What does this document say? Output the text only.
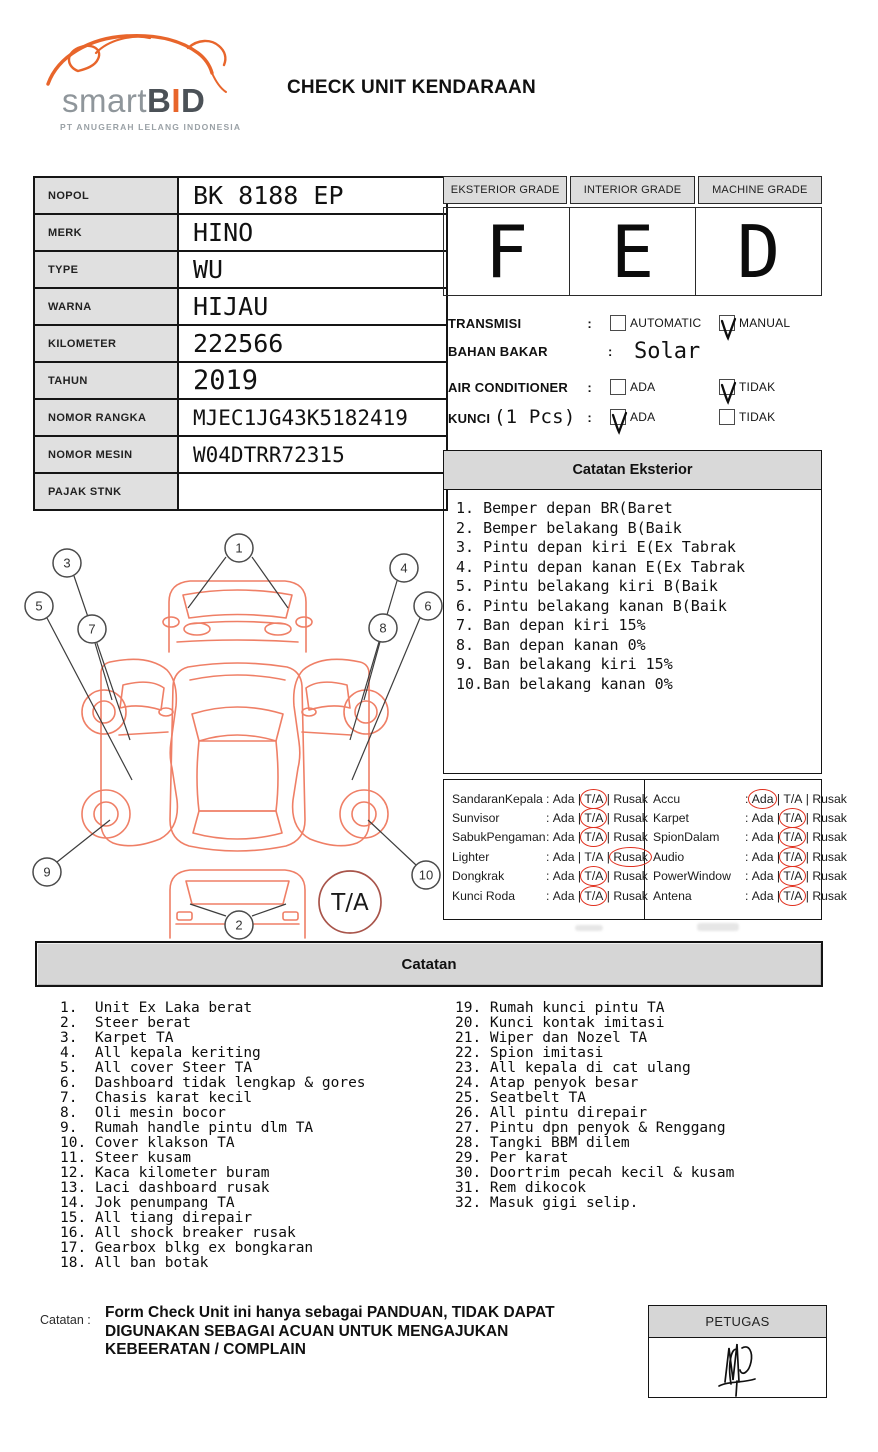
smartBID
PT ANUGERAH LELANG INDONESIA
CHECK UNIT KENDARAAN
NOPOL	BK 8188 EP
MERK	HINO
TYPE	WU
WARNA	HIJAU
KILOMETER	222566
TAHUN	2019
NOMOR RANGKA	MJEC1JG43K5182419
NOMOR MESIN	W04DTRR72315
PAJAK STNK	
EKSTERIOR GRADE	INTERIOR GRADE	MACHINE GRADE
F	E	D
TRANSMISI	:	AUTOMATIC	MANUAL
BAHAN BAKAR	: Solar
AIR CONDITIONER	:	ADA	TIDAK
KUNCI (1 Pcs) :	ADA	TIDAK
Catatan Eksterior
1. Bemper depan BR(Baret
2. Bemper belakang B(Baik
3. Pintu depan kiri E(Ex Tabrak
4. Pintu depan kanan E(Ex Tabrak
5. Pintu belakang kiri B(Baik
6. Pintu belakang kanan B(Baik
7. Ban depan kiri 15%
8. Ban depan kanan 0%
9. Ban belakang kiri 15%
10.Ban belakang kanan 0%
SandaranKepala : Ada | T/A | Rusak
Sunvisor	: Ada | T/A | Rusak
SabukPengaman : Ada | T/A | Rusak
Lighter	: Ada | T/A | Rusak
Dongkrak	: Ada | T/A | Rusak
Kunci Roda	: Ada | T/A | Rusak
Accu	: Ada | T/A | Rusak
Karpet	: Ada | T/A | Rusak
SpionDalam	: Ada | T/A | Rusak
Audio	: Ada | T/A | Rusak
PowerWindow	: Ada | T/A | Rusak
Antena	: Ada | T/A | Rusak
1
2
3	4
5	6
7	8
9	10
T/A
Catatan
1.  Unit Ex Laka berat
2.  Steer berat
3.  Karpet TA
4.  All kepala keriting
5.  All cover Steer TA
6.  Dashboard tidak lengkap & gores
7.  Chasis karat kecil
8.  Oli mesin bocor
9.  Rumah handle pintu dlm TA
10. Cover klakson TA
11. Steer kusam
12. Kaca kilometer buram
13. Laci dashboard rusak
14. Jok penumpang TA
15. All tiang direpair
16. All shock breaker rusak
17. Gearbox blkg ex bongkaran
18. All ban botak
19. Rumah kunci pintu TA
20. Kunci kontak imitasi
21. Wiper dan Nozel TA
22. Spion imitasi
23. All kepala di cat ulang
24. Atap penyok besar
25. Seatbelt TA
26. All pintu direpair
27. Pintu dpn penyok & Renggang
28. Tangki BBM dilem
29. Per karat
30. Doortrim pecah kecil & kusam
31. Rem dikocok
32. Masuk gigi selip.
Catatan : Form Check Unit ini hanya sebagai PANDUAN, TIDAK DAPAT
DIGUNAKAN SEBAGAI ACUAN UNTUK MENGAJUKAN
KEBEERATAN / COMPLAIN
PETUGAS
